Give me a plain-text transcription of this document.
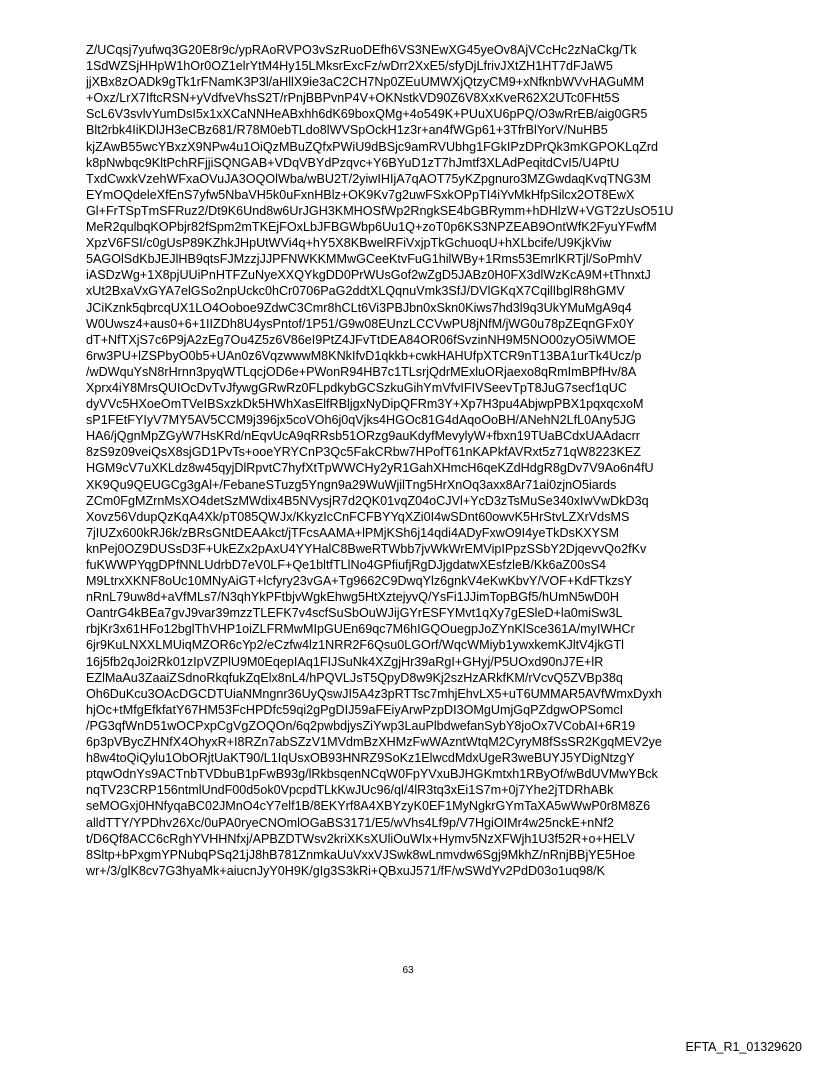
Z/UCqsj7yufwq3G20E8r9c/ypRAoRVPO3vSzRuoDEfh6VS3NEwXG45yeOv8AjVCcHc2zNaCkg/Tk
1SdWZSjHHpW1hOr0OZ1elrYtM4Hy15LMksrExcFz/wDrr2XxE5/sfyDjLfrivJXtZH1HT7dFJaW5
jjXBx8zOADk9gTk1rFNamK3P3l/aHllX9ie3aC2CH7Np0ZEuUMWXjQtzyCM9+xNfknbWVvHAGuMM
+Oxz/LrX7IftcRSN+yVdfveVhsS2T/rPnjBBPvnP4V+OKNstkVD90Z6V8XxKveR62X2UTc0FHt5S
ScL6V3svlvYumDsI5x1xXCaNNHeABxhh6dK69boxQMg+4o549K+PUuXU6pPQ/O3wRrEB/aig0GR5
Blt2rbk4IiKDlJH3eCBz681/R78M0ebTLdo8lWVSpOckH1z3r+an4fWGp61+3TfrBlYorV/NuHB5
kjZAwB55wcYBxzX9NPw4u1OiQzMBuZQfxPWiU9dBSjc9amRVUbhg1FGkIPzDPrQk3mKGPOKLqZrd
k8pNwbqc9KltPchRFjjiSQNGAB+VDqVBYdPzqvc+Y6BYuD1zT7hJmtf3XLAdPeqitdCvI5/U4PtU
TxdCwxkVzehWFxaOVuJA3OQOlWba/wBU2T/2yiwIHIjA7qAOT75yKZpgnuro3MZGwdaqKvqTNG3M
EYmOQdeleXfEnS7yfw5NbaVH5k0uFxnHBlz+OK9Kv7g2uwFSxkOPpTI4iYvMkHfpSilcx2OT8EwX
Gl+FrTSpTmSFRuz2/Dt9K6Und8w6UrJGH3KMHOSfWp2RngkSE4bGBRymm+hDHlzW+VGT2zUsO51U
MeR2qulbqKOPbjr82fSpm2mTKEjFOxLbJFBGWbp6Uu1Q+zoT0p6KS3NPZEAB9OntWfK2FyuYFwfM
XpzV6FSI/c0gUsP89KZhkJHpUtWVi4q+hY5X8KBwelRFiVxjpTkGchuoqU+hXLbcife/U9KjkViw
5AGOlSdKbJEJlHB9qtsFJMzzjJJPFNWKKMMwGCeeKtvFuG1hilWBy+1Rms53EmrlKRTjl/SoPmhV
iASDzWg+1X8pjUUiPnHTFZuNyeXXQYkgDD0PrWUsGof2wZgD5JABz0H0FX3dlWzKcA9M+tThnxtJ
xUt2BxaVxGYA7elGSo2npUckc0hCr0706PaG2ddtXLQqnuVmk3SfJ/DVlGKqX7CqilIbglR8hGMV
JCiKznk5qbrcqUX1LO4Ooboe9ZdwC3Cmr8hCLt6Vi3PBJbn0xSkn0Kiws7hd3l9q3UkYMuMgA9q4
W0Uwsz4+aus0+6+1IIZDh8U4ysPntof/1P51/G9w08EUnzLCCVwPU8jNfM/jWG0u78pZEqnGFx0Y
dT+NfTXjS7c6P9jA2zEg7Ou4Z5z6V86eI9PtZ4JFvTtDEA84OR06fSvzinNH9M5NO00zyO5iWMOE
6rw3PU+lZSPbyO0b5+UAn0z6VqzwwwM8KNkIfvD1qkkb+cwkHAHUfpXTCR9nT13BA1urTk4Ucz/p
/wDWquYsN8rHrnn3pyqWTLqcjOD6e+PWonR94HB7c1TLsrjQdrMExluORjaexo8qRmImBPfHv/8A
Xprx4iY8MrsQUIOcDvTvJfywgGRwRz0FLpdkybGCSzkuGihYmVfvIFIVSeevTpT8JuG7secf1qUC
dyVVc5HXoeOmTVeIBSxzkDk5HWhXasElfRBljgxNyDipQFRm3Y+Xp7H3pu4AbjwpPBX1pqxqcxoM
sP1FEtFYIyV7MY5AV5CCM9j396jx5coVOh6j0qVjks4HGOc81G4dAqoOoBH/ANehN2LfL0Any5JG
HA6/jQgnMpZGyW7HsKRd/nEqvUcA9qRRsb51ORzg9auKdyfMevylyW+fbxn19TUaBCdxUAAdacrr
8zS9z09veiQsX8sjGD1PvTs+ooeYRYCnP3Qc5FakCRbw7HPofT61nKAPkfAVRxt5z71qW8223KEZ
HGM9cV7uXKLdz8w45qyjDlRpvtC7hyfXtTpWWCHy2yR1GahXHmcH6qeKZdHdgR8gDv7V9Ao6n4fU
XK9Qu9QEUGCg3gAl+/FebaneSTuzg5Yngn9a29WuWjilTng5HrXnOq3axx8Ar71ai0zjnO5iards
ZCm0FgMZrnMsXO4detSzMWdix4B5NVysjR7d2QK01vqZ04oCJVl+YcD3zTsMuSe340xIwVwDkD3q
Xovz56VdupQzKqA4Xk/pT085QWJx/KkyzIcCnFCFBYYqXZi0I4wSDnt60owvK5HrStvLZXrVdsMS
7jIUZx600kRJ6k/zBRsGNtDEAAkct/jTFcsAAMA+lPMjKSh6j14qdi4ADyFxwO9I4yeTkDsKXYSM
knPej0OZ9DUSsD3F+UkEZx2pAxU4YYHalC8BweRTWbb7jvWkWrEMVipIPpzSSbY2DjqevvQo2fKv
fuKWWPYqgDPfNNLUdrbD7eV0LF+Qe1bltfTLlNo4GPfiufjRgDJjgdatwXEsfzleB/Kk6aZ00sS4
M9LtrxXKNF8oUc10MNyAiGT+lcfyry23vGA+Tg9662C9DwqYlz6gnkV4eKwKbvY/VOF+KdFTkzsY
nRnL79uw8d+aVfMLs7/N3qhYkPFtbjvWgkEhwg5HtXztejyvQ/YsFi1JJimTopBGf5/hUmN5wD0H
OantrG4kBEa7gvJ9var39mzzTLEFK7v4scfSuSbOuWJijGYrESFYMvt1qXy7gESleD+la0miSw3L
rbjKr3x61HFo12bglThVHP1oiZLFRMwMIpGUEn69qc7M6hIGQOuegpJoZYnKlSce361A/myIWHCr
6jr9KuLNXXLMUiqMZOR6cYp2/eCzfw4lz1NRR2F6Qsu0LGOrf/WqcWMiyb1ywxkemKJltV4jkGTl
16j5fb2qJoi2Rk01zIpVZPlU9M0EqepIAq1FIJSuNk4XZgjHr39aRgI+GHyj/P5UOxd90nJ7E+lR
EZlMaAu3ZaaiZSdnoRkqfukZqElx8nL4/hPQVLJsT5QpyD8w9Kj2szHzARkfKM/rVcvQ5ZVBp38q
Oh6DuKcu3OAcDGCDTUiaNMngnr36UyQswJI5A4z3pRTTsc7mhjEhvLX5+uT6UMMAR5AVfWmxDyxh
hjOc+tMfgEfkfatY67HM53FcHPDfc59qi2gPgDIJ59aFEiyArwPzpDI3OMgUmjGqPZdgwOPSomcI
/PG3qfWnD51wOCPxpCgVgZOQOn/6q2pwbdjysZiYwp3LauPlbdwefanSybY8joOx7VCobAI+6R19
6p3pVBycZHNfX4OhyxR+I8RZn7abSZzV1MVdmBzXHMzFwWAzntWtqM2CyryM8fSsSR2KgqMEV2ye
h8w4toQiQylu1ObORjtUaKT90/L1IqUsxOB93HNRZ9SoKz1ElwcdMdxUgeR3weBUYJ5YDigNtzgY
ptqwOdnYs9ACTnbTVDbuB1pFwB93g/lRkbsqenNCqW0FpYVxuBJHGKmtxh1RByOf/wBdUVMwYBck
nqTV23CRP156ntmlUndF00d5ok0VpcpdTLkKwJUc96/ql/4lR3tq3xEi1S7m+0j7Yhe2jTDRhABk
seMOGxj0HNfyqaBC02JMnO4cY7elf1B/8EKYrf8A4XBYzyK0EF1MyNgkrGYmTaXA5wWwP0r8M8Z6
alldTTY/YPDhv26Xc/0uPA0ryeCNOmlOGaBS3171/E5/wVhs4Lf9p/V7HgiOIMr4w25nckE+nNf2
t/D6Qf8ACC6cRghYVHHNfxj/APBZDTWsv2kriXKsXUliOuWIx+Hymv5NzXFWjh1U3f52R+o+HELV
8Sltp+bPxgmYPNubqPSq21jJ8hB781ZnmkaUuVxxVJSwk8wLnmvdw6Sgj9MkhZ/nRnjBBjYE5Hoe
wr+/3/glK8cv7G3hyaMk+aiucnJyY0H9K/gIg3S3kRi+QBxuJ571/fF/wSWdYv2PdD03o1uq98/K
63
EFTA_R1_01329620
